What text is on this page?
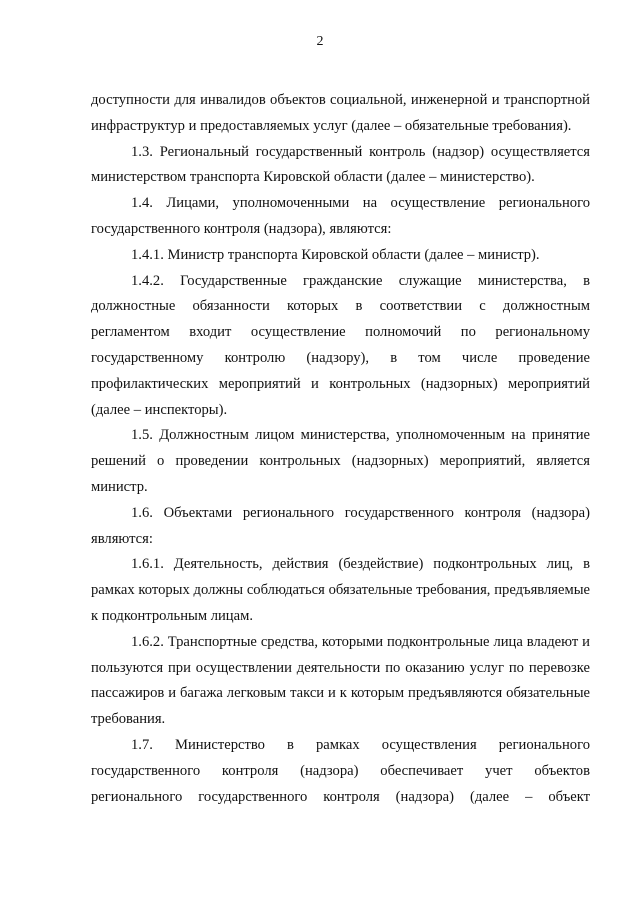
2

доступности для инвалидов объектов социальной, инженерной и транспортной инфраструктур и предоставляемых услуг (далее – обязательные требования).

1.3. Региональный государственный контроль (надзор) осуществляется министерством транспорта Кировской области (далее – министерство).

1.4. Лицами, уполномоченными на осуществление регионального государственного контроля (надзора), являются:

1.4.1. Министр транспорта Кировской области (далее – министр).

1.4.2. Государственные гражданские служащие министерства, в должностные обязанности которых в соответствии с должностным регламентом входит осуществление полномочий по региональному государственному контролю (надзору), в том числе проведение профилактических мероприятий и контрольных (надзорных) мероприятий (далее – инспекторы).

1.5. Должностным лицом министерства, уполномоченным на принятие решений о проведении контрольных (надзорных) мероприятий, является министр.

1.6. Объектами регионального государственного контроля (надзора) являются:

1.6.1. Деятельность, действия (бездействие) подконтрольных лиц, в рамках которых должны соблюдаться обязательные требования, предъявляемые к подконтрольным лицам.

1.6.2. Транспортные средства, которыми подконтрольные лица владеют и пользуются при осуществлении деятельности по оказанию услуг по перевозке пассажиров и багажа легковым такси и к которым предъявляются обязательные требования.

1.7. Министерство в рамках осуществления регионального государственного контроля (надзора) обеспечивает учет объектов регионального государственного контроля (надзора) (далее – объект
